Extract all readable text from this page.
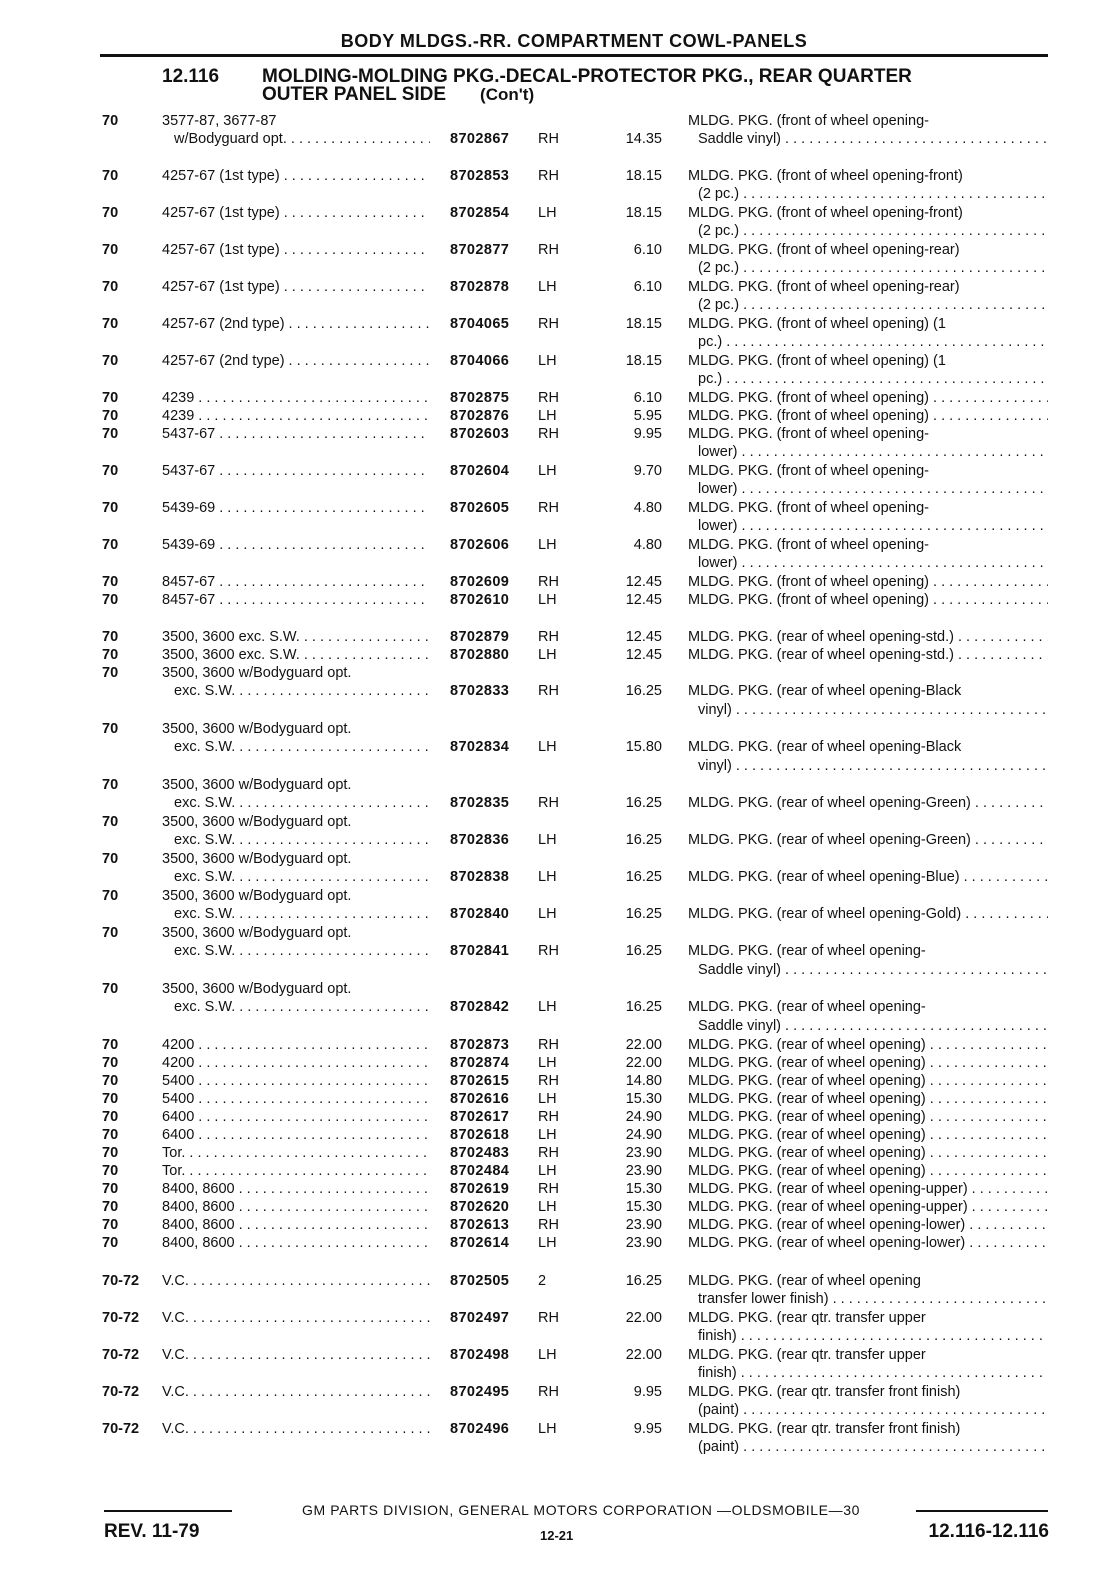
BODY MLDGS.-RR. COMPARTMENT COWL-PANELS
12.116 MOLDING-MOLDING PKG.-DECAL-PROTECTOR PKG., REAR QUARTER
OUTER PANEL SIDE (Con't)
70	3577-87, 3677-87
w/Bodyguard opt. . . .	8702867 RH	14.35
MLDG. PKG. (front of wheel opening-
Saddle vinyl) . . .
70	4257-67 (1st type) . . .	8702853 RH	18.15 MLDG. PKG. (front of wheel opening-front)
(2 pc.) . . .
70	4257-67 (1st type) . . .	8702854 LH	18.15 MLDG. PKG. (front of wheel opening-front)
(2 pc.) . . .
70	4257-67 (1st type) . . .	8702877 RH	6.10 MLDG. PKG. (front of wheel opening-rear)
(2 pc.) . . .
70	4257-67 (1st type) . . .	8702878 LH	6.10 MLDG. PKG. (front of wheel opening-rear)
(2 pc.) . . .
70	4257-67 (2nd type) . . .	8704065 RH	18.15 MLDG. PKG. (front of wheel opening) (1
pc.) . . .
70	4257-67 (2nd type) . . .	8704066 LH	18.15 MLDG. PKG. (front of wheel opening) (1
pc.) . . .
70	4239 . . .	8702875 RH	6.10 MLDG. PKG. (front of wheel opening) . . .
70	4239 . . .	8702876 LH	5.95 MLDG. PKG. (front of wheel opening) . . .
70	5437-67 . . .	8702603 RH	9.95 MLDG. PKG. (front of wheel opening-
lower) . . .
70	5437-67 . . .	8702604 LH	9.70 MLDG. PKG. (front of wheel opening-
lower) . . .
70	5439-69 . . .	8702605 RH	4.80 MLDG. PKG. (front of wheel opening-
lower) . . .
70	5439-69 . . .	8702606 LH	4.80 MLDG. PKG. (front of wheel opening-
lower) . . .
70	8457-67 . . .	8702609 RH	12.45 MLDG. PKG. (front of wheel opening) . . .
70	8457-67 . . .	8702610 LH	12.45 MLDG. PKG. (front of wheel opening) . . .
70	3500, 3600 exc. S.W. . . .	8702879 RH	12.45 MLDG. PKG. (rear of wheel opening-std.) . . .
70	3500, 3600 exc. S.W. . . .	8702880 LH	12.45 MLDG. PKG. (rear of wheel opening-std.) . . .
70	3500, 3600 w/Bodyguard opt.
exc. S.W. . . .	8702833 RH	16.25 MLDG. PKG. (rear of wheel opening-Black
vinyl) . . .
70	3500, 3600 w/Bodyguard opt.
exc. S.W. . . .	8702834 LH	15.80 MLDG. PKG. (rear of wheel opening-Black
vinyl) . . .
70	3500, 3600 w/Bodyguard opt.
exc. S.W. . . .	8702835 RH	16.25 MLDG. PKG. (rear of wheel opening-Green) . . .
70	3500, 3600 w/Bodyguard opt.
exc. S.W. . . .	8702836 LH	16.25 MLDG. PKG. (rear of wheel opening-Green) . . .
70	3500, 3600 w/Bodyguard opt.
exc. S.W. . . .	8702838 LH	16.25 MLDG. PKG. (rear of wheel opening-Blue) . . .
70	3500, 3600 w/Bodyguard opt.
exc. S.W. . . .	8702840 LH	16.25 MLDG. PKG. (rear of wheel opening-Gold) . . .
70	3500, 3600 w/Bodyguard opt.
exc. S.W. . . .	8702841 RH	16.25 MLDG. PKG. (rear of wheel opening-
Saddle vinyl) . . .
70	3500, 3600 w/Bodyguard opt.
exc. S.W. . . .	8702842 LH	16.25 MLDG. PKG. (rear of wheel opening-
Saddle vinyl) . . .
70	4200 . . .	8702873 RH	22.00 MLDG. PKG. (rear of wheel opening) . . .
70	4200 . . .	8702874 LH	22.00 MLDG. PKG. (rear of wheel opening) . . .
70	5400 . . .	8702615 RH	14.80 MLDG. PKG. (rear of wheel opening) . . .
70	5400 . . .	8702616 LH	15.30 MLDG. PKG. (rear of wheel opening) . . .
70	6400 . . .	8702617 RH	24.90 MLDG. PKG. (rear of wheel opening) . . .
70	6400 . . .	8702618 LH	24.90 MLDG. PKG. (rear of wheel opening) . . .
70	Tor. . . .	8702483 RH	23.90 MLDG. PKG. (rear of wheel opening) . . .
70	Tor. . . .	8702484 LH	23.90 MLDG. PKG. (rear of wheel opening) . . .
70	8400, 8600 . . .	8702619 RH	15.30 MLDG. PKG. (rear of wheel opening-upper) . . .
70	8400, 8600 . . .	8702620 LH	15.30 MLDG. PKG. (rear of wheel opening-upper) . . .
70	8400, 8600 . . .	8702613 RH	23.90 MLDG. PKG. (rear of wheel opening-lower) . . .
70	8400, 8600 . . .	8702614 LH	23.90 MLDG. PKG. (rear of wheel opening-lower) . . .
70-72 V.C. . . .	8702505 2	16.25 MLDG. PKG. (rear of wheel opening
transfer lower finish) . . .
70-72 V.C. . . .	8702497 RH	22.00 MLDG. PKG. (rear qtr. transfer upper
finish) . . .
70-72 V.C. . . .	8702498 LH	22.00 MLDG. PKG. (rear qtr. transfer upper
finish) . . .
70-72 V.C. . . .	8702495 RH	9.95 MLDG. PKG. (rear qtr. transfer front finish)
(paint) . . .
70-72 V.C. . . .	8702496 LH	9.95 MLDG. PKG. (rear qtr. transfer front finish)
(paint) . . .
GM PARTS DIVISION, GENERAL MOTORS CORPORATION —OLDSMOBILE—30
REV. 11-79	12-21	12.116-12.116
